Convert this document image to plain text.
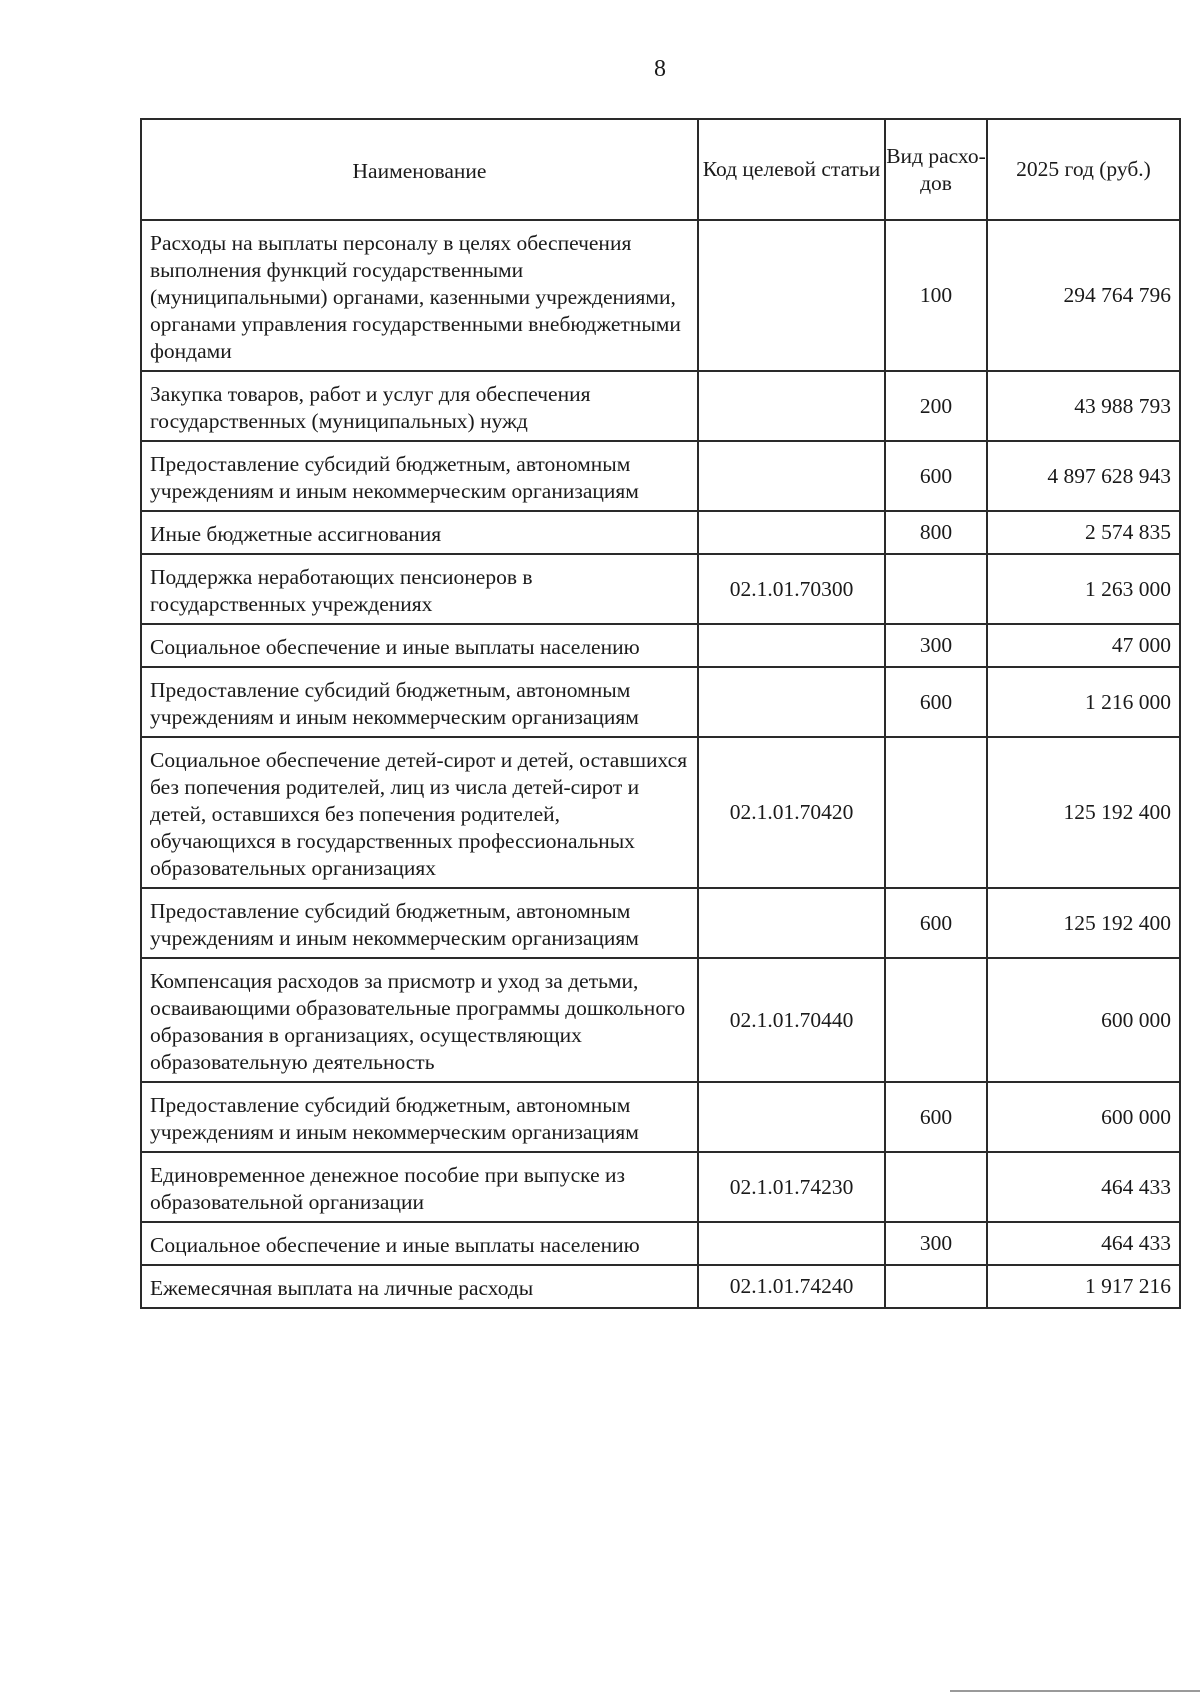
8
Наименование	Код целевой статьи	Вид расхо-дов	2025 год (руб.)
Расходы на выплаты персоналу в целях обеспечения выполнения функций государственными (муниципальными) органами, казенными учреждениями, органами управления государственными внебюджетными фондами		100	294 764 796
Закупка товаров, работ и услуг для обеспечения государственных (муниципальных) нужд		200	43 988 793
Предоставление субсидий бюджетным, автономным учреждениям и иным некоммерческим организациям		600	4 897 628 943
Иные бюджетные ассигнования		800	2 574 835
Поддержка неработающих пенсионеров в государственных учреждениях	02.1.01.70300		1 263 000
Социальное обеспечение и иные выплаты населению		300	47 000
Предоставление субсидий бюджетным, автономным учреждениям и иным некоммерческим организациям		600	1 216 000
Социальное обеспечение детей-сирот и детей, оставшихся без попечения родителей, лиц из числа детей-сирот и детей, оставшихся без попечения родителей, обучающихся в государственных профессиональных образовательных организациях	02.1.01.70420		125 192 400
Предоставление субсидий бюджетным, автономным учреждениям и иным некоммерческим организациям		600	125 192 400
Компенсация расходов за присмотр и уход за детьми, осваивающими образовательные программы дошкольного образования в организациях, осуществляющих образовательную деятельность	02.1.01.70440		600 000
Предоставление субсидий бюджетным, автономным учреждениям и иным некоммерческим организациям		600	600 000
Единовременное денежное пособие при выпуске из образовательной организации	02.1.01.74230		464 433
Социальное обеспечение и иные выплаты населению		300	464 433
Ежемесячная выплата на личные расходы	02.1.01.74240		1 917 216
